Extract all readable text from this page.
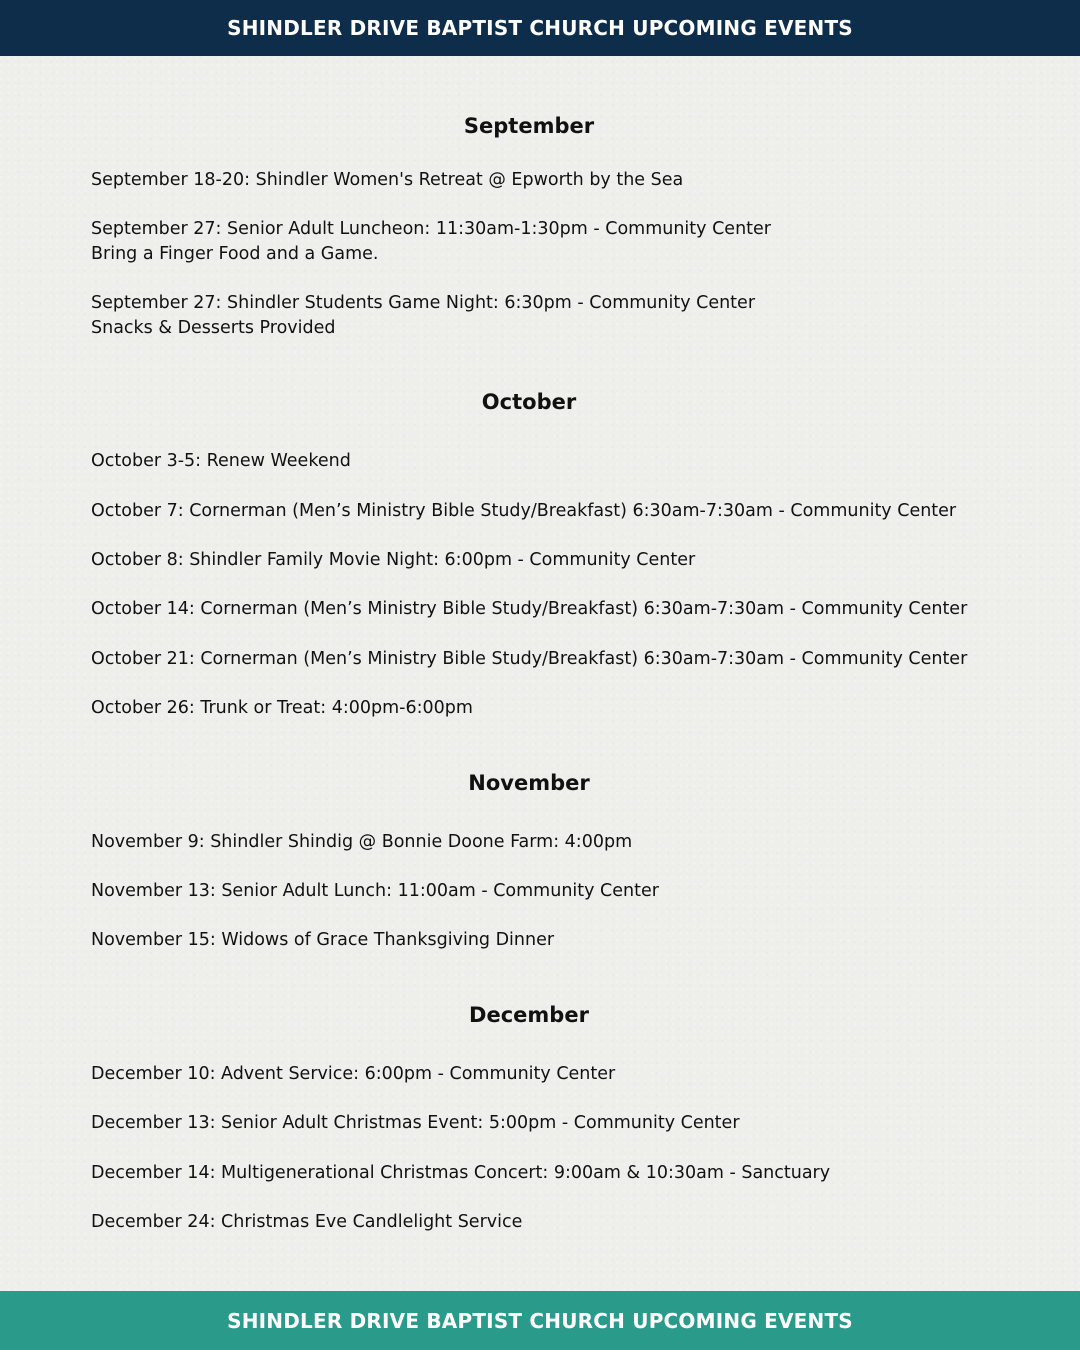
SHINDLER DRIVE BAPTIST CHURCH UPCOMING EVENTS
September

September 18-20: Shindler Women's Retreat @ Epworth by the Sea

September 27: Senior Adult Luncheon: 11:30am-1:30pm - Community Center
Bring a Finger Food and a Game.

September 27: Shindler Students Game Night: 6:30pm - Community Center
Snacks & Desserts Provided

October

October 3-5: Renew Weekend

October 7: Cornerman (Men’s Ministry Bible Study/Breakfast) 6:30am-7:30am - Community Center

October 8: Shindler Family Movie Night: 6:00pm - Community Center

October 14: Cornerman (Men’s Ministry Bible Study/Breakfast) 6:30am-7:30am - Community Center

October 21: Cornerman (Men’s Ministry Bible Study/Breakfast) 6:30am-7:30am - Community Center

October 26: Trunk or Treat: 4:00pm-6:00pm

November

November 9: Shindler Shindig @ Bonnie Doone Farm: 4:00pm

November 13: Senior Adult Lunch: 11:00am - Community Center

November 15: Widows of Grace Thanksgiving Dinner

December

December 10: Advent Service: 6:00pm - Community Center

December 13: Senior Adult Christmas Event: 5:00pm - Community Center

December 14: Multigenerational Christmas Concert: 9:00am & 10:30am - Sanctuary

December 24: Christmas Eve Candlelight Service

SHINDLER DRIVE BAPTIST CHURCH UPCOMING EVENTS
